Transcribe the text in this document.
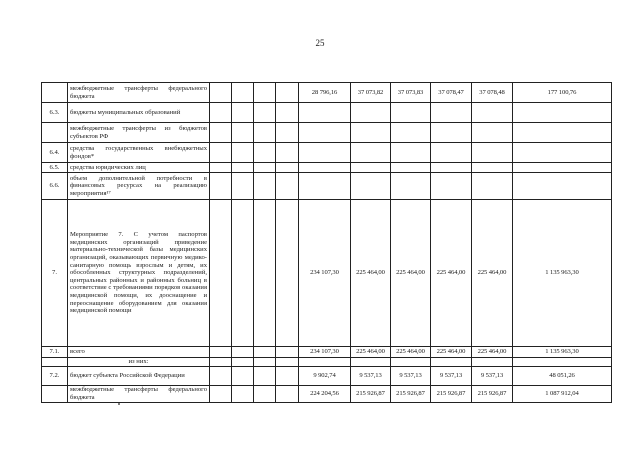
25
	межбюджетные трансферты федерального бюджета					28 796,16	37 073,82	37 073,83	37 078,47	37 078,48	177 100,76
6.3.	бюджеты муниципальных образований										
	межбюджетные трансферты из бюджетов субъектов РФ										
6.4.	средства государственных внебюджетных фондов*										
6.5.	средства юридических лиц										
6.6.	объем дополнительной потребности в финансовых ресурсах на реализацию мероприятия¹⁷										
7.	Мероприятие 7. С учетом паспортов медицинских организаций приведение материально-технической базы медицинских организаций, оказывающих первичную медико-санитарную помощь взрослым и детям, их обособленных структурных подразделений, центральных районных и районных больниц в соответствие с требованиями порядков оказания медицинской помощи, их дооснащение и переоснащение оборудованием для оказания медицинской помощи					234 107,30	225 464,00	225 464,00	225 464,00	225 464,00	1 135 963,30
7.1.	всего					234 107,30	225 464,00	225 464,00	225 464,00	225 464,00	1 135 963,30
	из них:										
7.2.	бюджет субъекта Российской Федерации					9 902,74	9 537,13	9 537,13	9 537,13	9 537,13	48 051,26
	межбюджетные трансферты федерального бюджета					224 204,56	215 926,87	215 926,87	215 926,87	215 926,87	1 087 912,04
